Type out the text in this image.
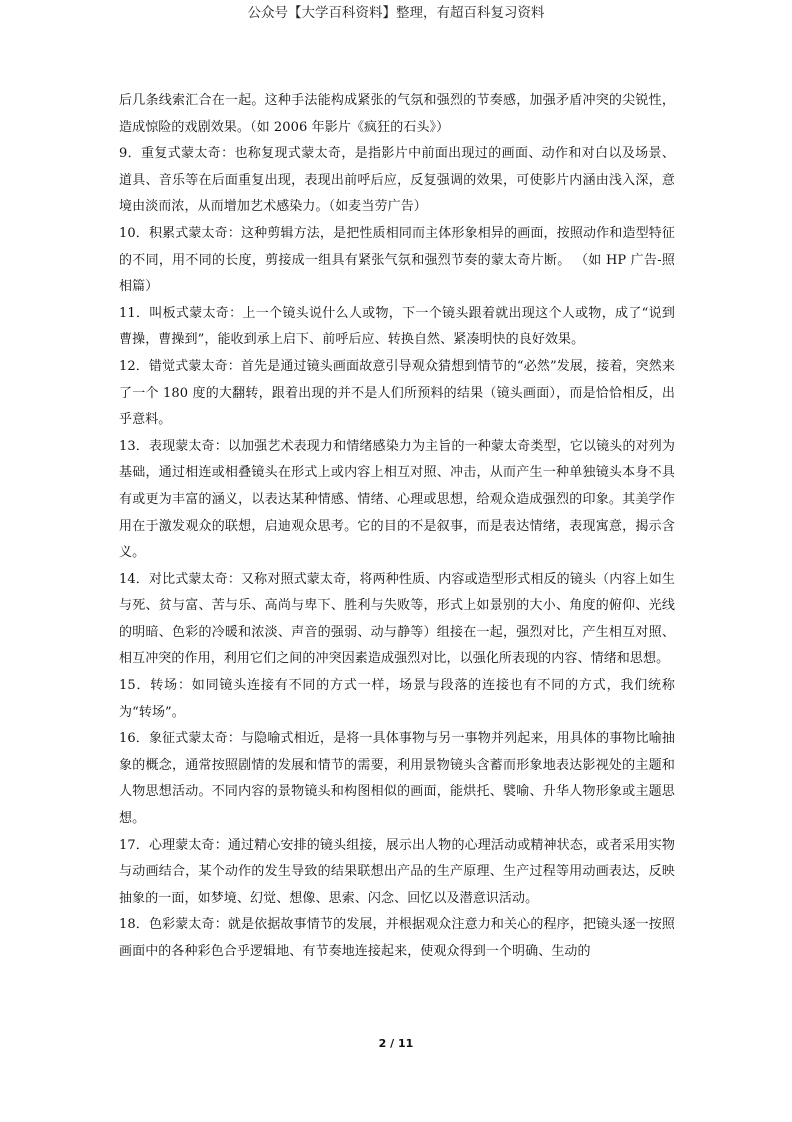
公众号【大学百科资料】整理，有超百科复习资料

后几条线索汇合在一起。这种手法能构成紧张的气氛和强烈的节奏感，加强矛盾冲突的尖锐性，造成惊险的戏剧效果。（如 2006 年影片《疯狂的石头》）

9．重复式蒙太奇：也称复现式蒙太奇，是指影片中前面出现过的画面、动作和对白以及场景、道具、音乐等在后面重复出现，表现出前呼后应，反复强调的效果，可使影片内涵由浅入深，意境由淡而浓，从而增加艺术感染力。（如麦当劳广告）

10．积累式蒙太奇：这种剪辑方法，是把性质相同而主体形象相异的画面，按照动作和造型特征的不同，用不同的长度，剪接成一组具有紧张气氛和强烈节奏的蒙太奇片断。 （如 HP 广告-照相篇）

11．叫板式蒙太奇：上一个镜头说什么人或物，下一个镜头跟着就出现这个人或物，成了“说到曹操，曹操到”，能收到承上启下、前呼后应、转换自然、紧凑明快的良好效果。

12．错觉式蒙太奇：首先是通过镜头画面故意引导观众猜想到情节的“必然”发展，接着，突然来了一个 180 度的大翻转，跟着出现的并不是人们所预料的结果（镜头画面），而是恰恰相反，出乎意料。

13．表现蒙太奇：以加强艺术表现力和情绪感染力为主旨的一种蒙太奇类型，它以镜头的对列为基础，通过相连或相叠镜头在形式上或内容上相互对照、冲击，从而产生一种单独镜头本身不具有或更为丰富的涵义，以表达某种情感、情绪、心理或思想，给观众造成强烈的印象。其美学作用在于激发观众的联想，启迪观众思考。它的目的不是叙事，而是表达情绪，表现寓意，揭示含义。

14．对比式蒙太奇：又称对照式蒙太奇，将两种性质、内容或造型形式相反的镜头（内容上如生与死、贫与富、苦与乐、高尚与卑下、胜利与失败等，形式上如景别的大小、角度的俯仰、光线的明暗、色彩的冷暖和浓淡、声音的强弱、动与静等）组接在一起，强烈对比，产生相互对照、相互冲突的作用，利用它们之间的冲突因素造成强烈对比，以强化所表现的内容、情绪和思想。

15．转场：如同镜头连接有不同的方式一样，场景与段落的连接也有不同的方式，我们统称为“转场”。

16．象征式蒙太奇：与隐喻式相近，是将一具体事物与另一事物并列起来，用具体的事物比喻抽象的概念，通常按照剧情的发展和情节的需要，利用景物镜头含蓄而形象地表达影视处的主题和人物思想活动。不同内容的景物镜头和构图相似的画面，能烘托、襞喻、升华人物形象或主题思想。

17．心理蒙太奇：通过精心安排的镜头组接，展示出人物的心理活动或精神状态，或者采用实物与动画结合，某个动作的发生导致的结果联想出产品的生产原理、生产过程等用动画表达，反映抽象的一面，如梦境、幻觉、想像、思索、闪念、回忆以及潜意识活动。

18．色彩蒙太奇：就是依据故事情节的发展，并根据观众注意力和关心的程序，把镜头逐一按照画面中的各种彩色合乎逻辑地、有节奏地连接起来，使观众得到一个明确、生动的

2 / 11
